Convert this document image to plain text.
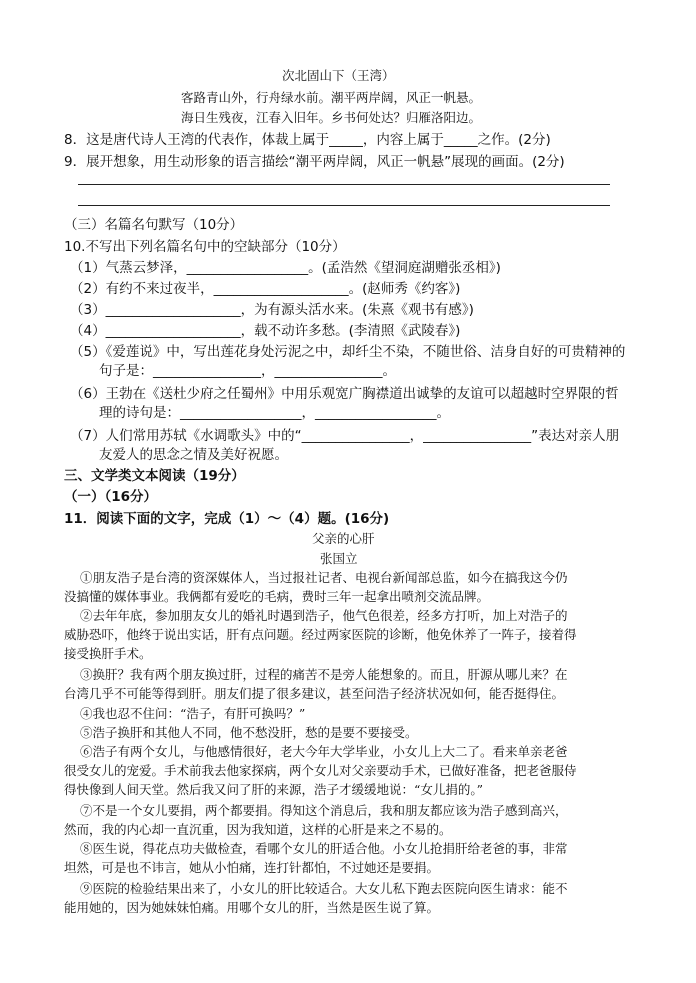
次北固山下（王湾）
客路青山外，行舟绿水前。潮平两岸阔，风正一帆悬。
海日生残夜，江春入旧年。乡书何处达？归雁洛阳边。
8．这是唐代诗人王湾的代表作，体裁上属于_____，内容上属于_____之作。(2分)
9．展开想象，用生动形象的语言描绘“潮平两岸阔，风正一帆悬”展现的画面。(2分)
（三）名篇名句默写（10分）
10.不写出下列名篇名句中的空缺部分（10分）
（1）气蒸云梦泽，__________________。(孟浩然《望洞庭湖赠张丞相》)
（2）有约不来过夜半，____________________。(赵师秀《约客》)
（3）____________________，为有源头活水来。(朱熹《观书有感》)
（4）____________________，载不动许多愁。(李清照《武陵春》)
（5）《爱莲说》中，写出莲花身处污泥之中，却纤尘不染，不随世俗、洁身自好的可贵精神的
句子是：________________，________________。
（6）王勃在《送杜少府之任蜀州》中用乐观宽广胸襟道出诚挚的友谊可以超越时空界限的哲
理的诗句是：__________________，__________________。
（7）人们常用苏轼《水调歌头》中的“________________，________________”表达对亲人朋
友爱人的思念之情及美好祝愿。
三、文学类文本阅读（19分）
（一）（16分）
11．阅读下面的文字，完成（1）～（4）题。(16分)
父亲的心肝
张国立
①朋友浩子是台湾的资深媒体人，当过报社记者、电视台新闻部总监，如今在搞我这今仍
没搞懂的媒体事业。我俩都有爱吃的毛病，费时三年一起拿出喷剂交流品牌。
②去年年底，参加朋友女儿的婚礼时遇到浩子，他气色很差，经多方打听，加上对浩子的
威胁恐吓，他终于说出实话，肝有点问题。经过两家医院的诊断，他免休养了一阵子，接着得
接受换肝手术。
③换肝？我有两个朋友换过肝，过程的痛苦不是旁人能想象的。而且，肝源从哪儿来？在
台湾几乎不可能等得到肝。朋友们提了很多建议，甚至问浩子经济状况如何，能否挺得住。
④我也忍不住问：“浩子，有肝可换吗？”
⑤浩子换肝和其他人不同，他不愁没肝，愁的是要不要接受。
⑥浩子有两个女儿，与他感情很好，老大今年大学毕业，小女儿上大二了。看来单亲老爸
很受女儿的宠爱。手术前我去他家探病，两个女儿对父亲要动手术，已做好准备，把老爸服侍
得快像到人间天堂。然后我又问了肝的来源，浩子才缓缓地说：“女儿捐的。”
⑦不是一个女儿要捐，两个都要捐。得知这个消息后，我和朋友都应该为浩子感到高兴，
然而，我的内心却一直沉重，因为我知道，这样的心肝是来之不易的。
⑧医生说，得花点功夫做检查，看哪个女儿的肝适合他。小女儿抢捐肝给老爸的事，非常
坦然，可是也不讳言，她从小怕痛，连打针都怕，不过她还是要捐。
⑨医院的检验结果出来了，小女儿的肝比较适合。大女儿私下跑去医院向医生请求：能不
能用她的，因为她妹妹怕痛。用哪个女儿的肝，当然是医生说了算。
